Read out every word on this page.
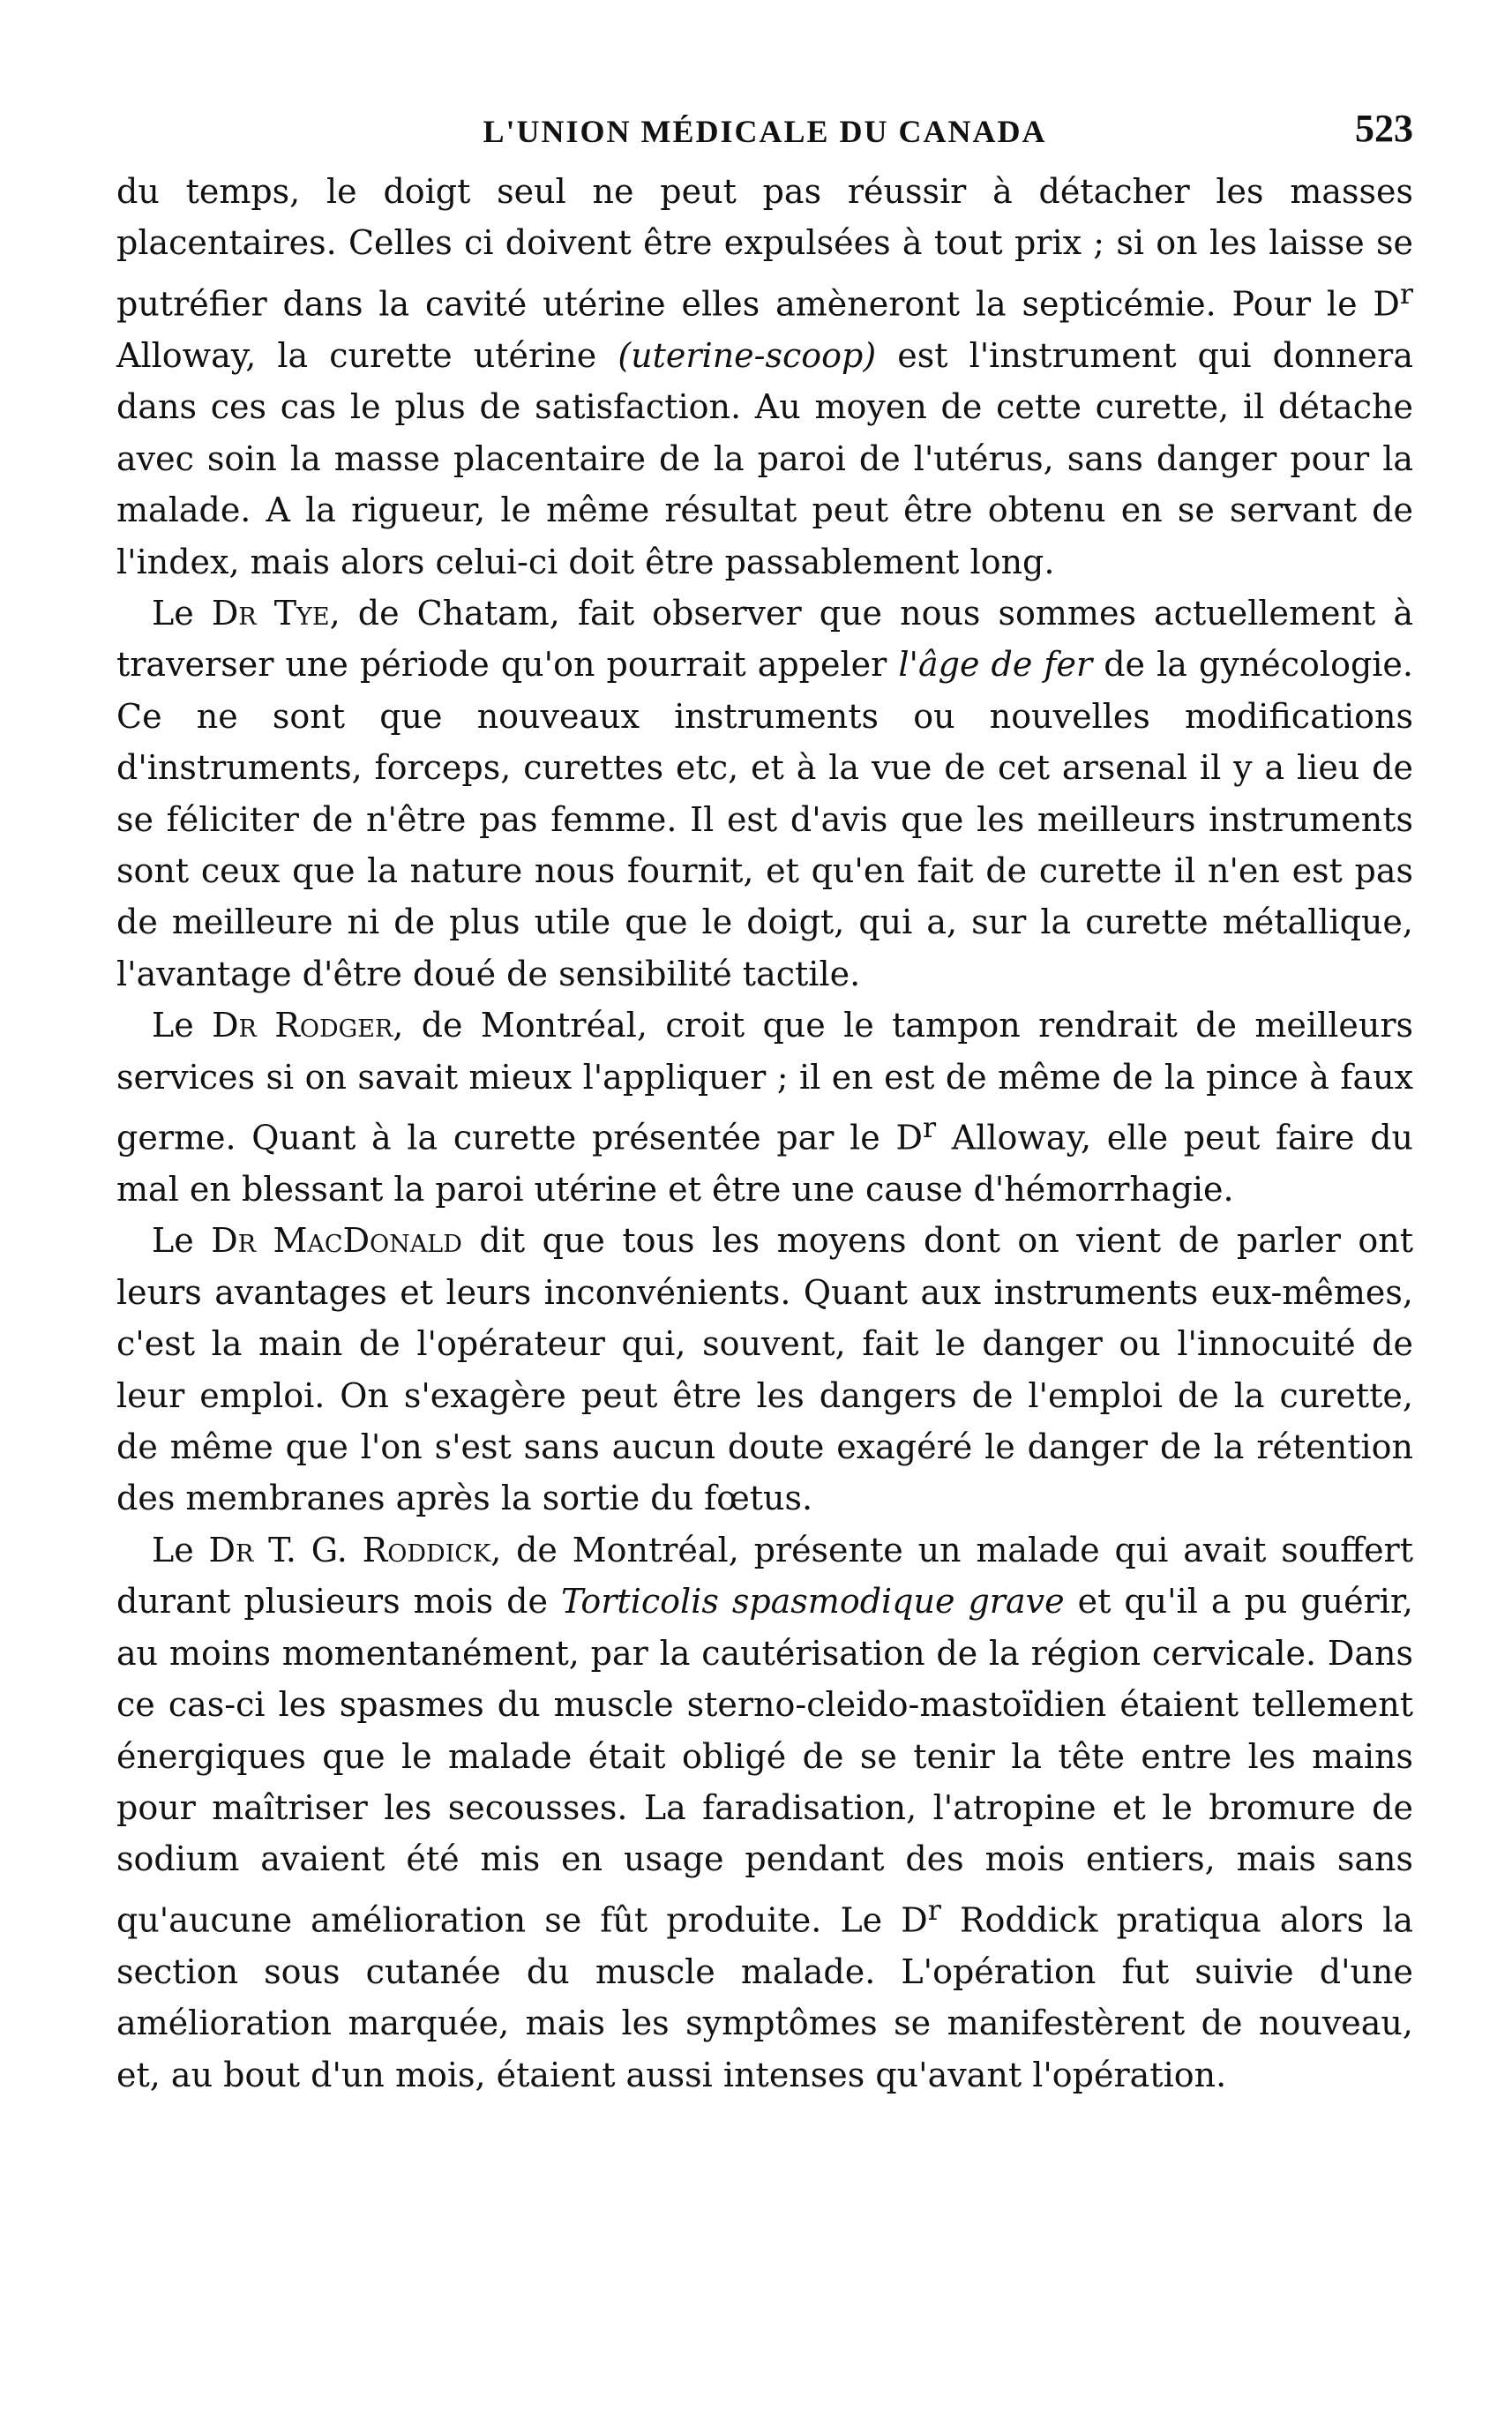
L'UNION MÉDICALE DU CANADA	523

du temps, le doigt seul ne peut pas réussir à détacher les masses placentaires. Celles ci doivent être expulsées à tout prix ; si on les laisse se putréfier dans la cavité utérine elles amèneront la septicémie. Pour le $D^r$ Alloway, la curette utérine (uterine-scoop) est l'instrument qui donnera dans ces cas le plus de satisfaction. Au moyen de cette curette, il détache avec soin la masse placentaire de la paroi de l'utérus, sans danger pour la malade. A la rigueur, le même résultat peut être obtenu en se servant de l'index, mais alors celui-ci doit être passablement long.

Le Dr Tye, de Chatam, fait observer que nous sommes actuellement à traverser une période qu'on pourrait appeler l'âge de fer de la gynécologie. Ce ne sont que nouveaux instruments ou nouvelles modifications d'instruments, forceps, curettes etc, et à la vue de cet arsenal il y a lieu de se féliciter de n'être pas femme. Il est d'avis que les meilleurs instruments sont ceux que la nature nous fournit, et qu'en fait de curette il n'en est pas de meilleure ni de plus utile que le doigt, qui a, sur la curette métallique, l'avantage d'être doué de sensibilité tactile.

Le Dr Rodger, de Montréal, croit que le tampon rendrait de meilleurs services si on savait mieux l'appliquer ; il en est de même de la pince à faux germe. Quant à la curette présentée par le $D^r$ Alloway, elle peut faire du mal en blessant la paroi utérine et être une cause d'hémorrhagie.

Le Dr MacDonald dit que tous les moyens dont on vient de parler ont leurs avantages et leurs inconvénients. Quant aux instruments eux-mêmes, c'est la main de l'opérateur qui, souvent, fait le danger ou l'innocuité de leur emploi. On s'exagère peut être les dangers de l'emploi de la curette, de même que l'on s'est sans aucun doute exagéré le danger de la rétention des membranes après la sortie du fœtus.

Le Dr T. G. Roddick, de Montréal, présente un malade qui avait souffert durant plusieurs mois de Torticolis spasmodique grave et qu'il a pu guérir, au moins momentanément, par la cautérisation de la région cervicale. Dans ce cas-ci les spasmes du muscle sterno-cleido-mastoïdien étaient tellement énergiques que le malade était obligé de se tenir la tête entre les mains pour maîtriser les secousses. La faradisation, l'atropine et le bromure de sodium avaient été mis en usage pendant des mois entiers, mais sans qu'aucune amélioration se fût produite. Le $D^r$ Roddick pratiqua alors la section sous cutanée du muscle malade. L'opération fut suivie d'une amélioration marquée, mais les symptômes se manifestèrent de nouveau, et, au bout d'un mois, étaient aussi intenses qu'avant l'opération.
